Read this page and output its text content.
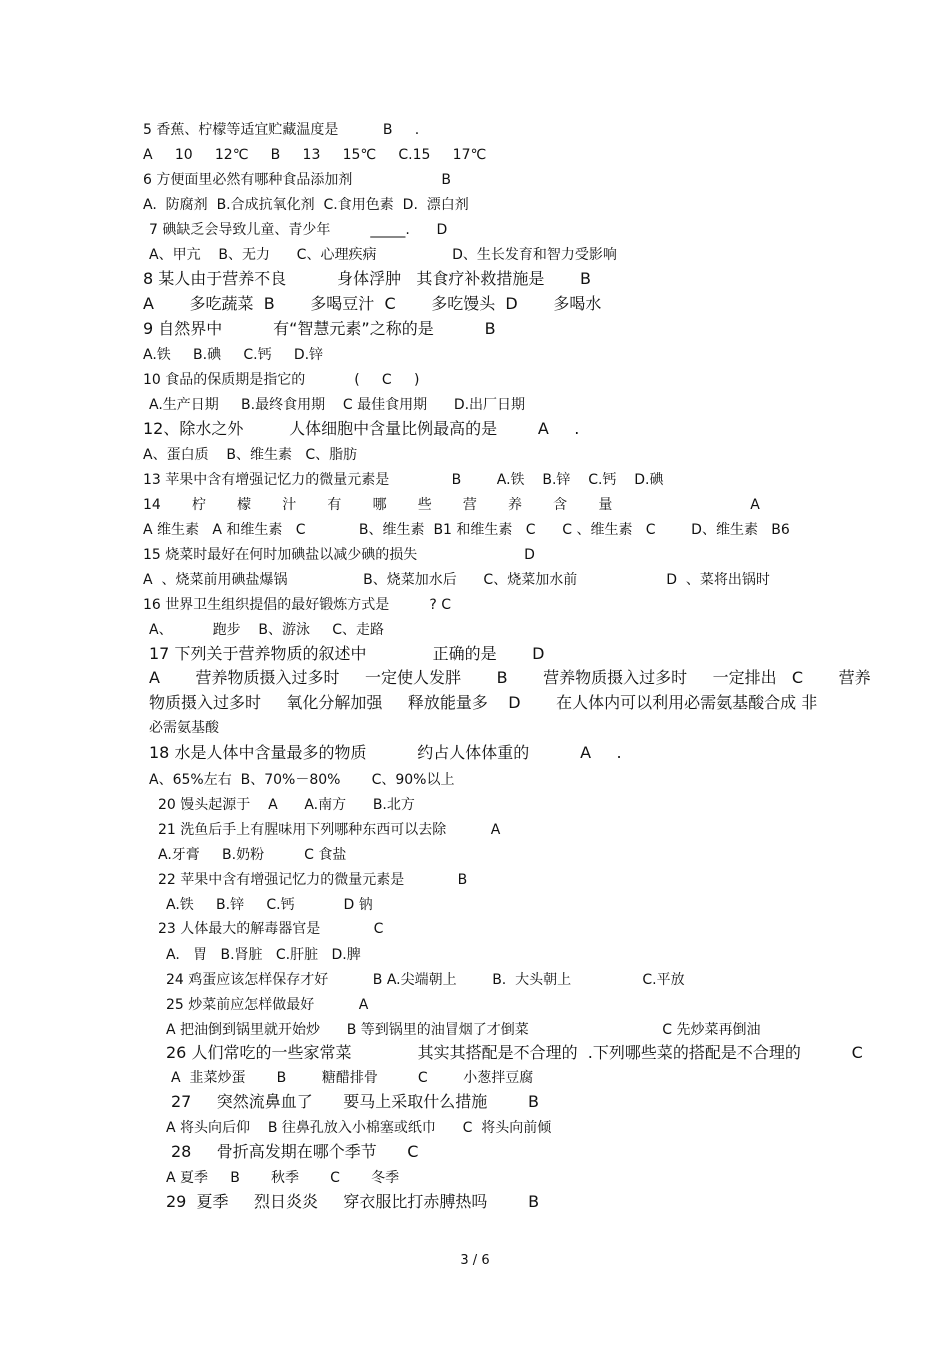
5 香蕉、柠檬等适宜贮藏温度是          B     .
A     10     12℃     B     13     15℃     C.15     17℃
6 方便面里必然有哪种食品添加剂                    B
A.  防腐剂  B.合成抗氧化剂  C.食用色素  D.  漂白剂
7 碘缺乏会导致儿童、青少年         _____.      D
A、甲亢    B、无力      C、心理疾病                 D、生长发育和智力受影响
8 某人由于营养不良          身体浮肿   其食疗补救措施是       B
A       多吃蔬菜  B       多喝豆汁  C       多吃馒头  D       多喝水
9 自然界中          有“智慧元素”之称的是          B
A.铁     B.碘     C.钙     D.锌
10 食品的保质期是指它的           (     C     )
A.生产日期     B.最终食用期    C 最佳食用期      D.出厂日期
12、除水之外         人体细胞中含量比例最高的是        A     .
A、蛋白质    B、维生素   C、脂肪
13 苹果中含有增强记忆力的微量元素是              B        A.铁    B.锌    C.钙    D.碘
14       柠       檬       汁       有       哪       些       营       养       含       量                               A
A 维生素   A 和维生素   C            B、维生素  B1 和维生素   C      C 、维生素   C        D、维生素   B6
15 烧菜时最好在何时加碘盐以减少碘的损失                        D
A  、烧菜前用碘盐爆锅                 B、烧菜加水后      C、烧菜加水前                    D  、菜将出锅时
16 世界卫生组织提倡的最好锻炼方式是         ? C
A、         跑步    B、游泳     C、走路
17 下列关于营养物质的叙述中             正确的是       D
A       营养物质摄入过多时     一定使人发胖       B       营养物质摄入过多时     一定排出   C       营养
物质摄入过多时     氧化分解加强     释放能量多    D       在人体内可以利用必需氨基酸合成 非
必需氨基酸
18 水是人体中含量最多的物质          约占人体体重的          A     .
A、65%左右  B、70%－80%       C、90%以上
20 馒头起源于    A      A.南方      B.北方
21 洗鱼后手上有腥味用下列哪种东西可以去除          A
A.牙膏     B.奶粉         C 食盐
22 苹果中含有增强记忆力的微量元素是            B
A.铁     B.锌     C.钙           D 钠
23 人体最大的解毒器官是            C
A.   胃   B.肾脏   C.肝脏   D.脾
24 鸡蛋应该怎样保存才好          B A.尖端朝上        B.  大头朝上                C.平放
25 炒菜前应怎样做最好          A
A 把油倒到锅里就开始炒      B 等到锅里的油冒烟了才倒菜                              C 先炒菜再倒油
26 人们常吃的一些家常菜             其实其搭配是不合理的  .下列哪些菜的搭配是不合理的          C
A  韭菜炒蛋       B        糖醋排骨         C        小葱拌豆腐
27     突然流鼻血了      要马上采取什么措施        B
A 将头向后仰    B 往鼻孔放入小棉塞或纸巾      C  将头向前倾
28     骨折高发期在哪个季节      C
A 夏季     B       秋季       C       冬季
29  夏季     烈日炎炎     穿衣服比打赤膊热吗        B
3 / 6
